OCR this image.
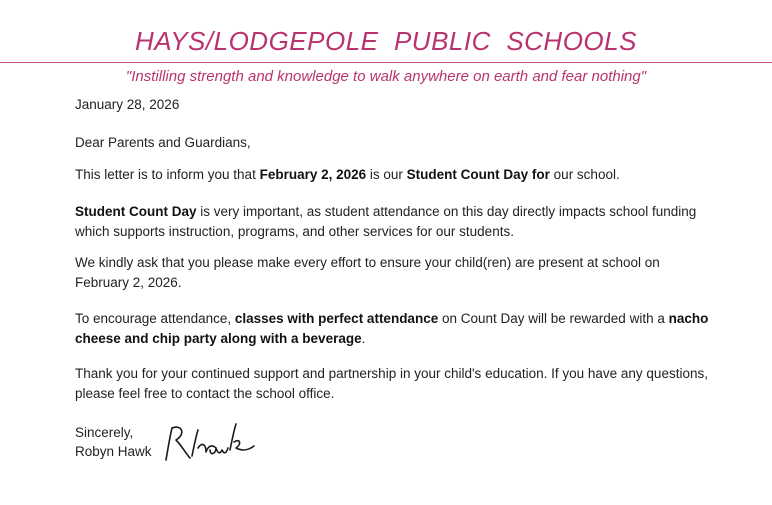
HAYS/LODGEPOLE  PUBLIC  SCHOOLS
"Instilling strength and knowledge to walk anywhere on earth and fear nothing"
January 28, 2026
Dear Parents and Guardians,
This letter is to inform you that February 2, 2026 is our Student Count Day for our school.
Student Count Day is very important, as student attendance on this day directly impacts school funding which supports instruction, programs, and other services for our students.
We kindly ask that you please make every effort to ensure your child(ren) are present at school on February 2, 2026.
To encourage attendance, classes with perfect attendance on Count Day will be rewarded with a nacho cheese and chip party along with a beverage.
Thank you for your continued support and partnership in your child's education. If you have any questions, please feel free to contact the school office.
Sincerely,
Robyn Hawk
